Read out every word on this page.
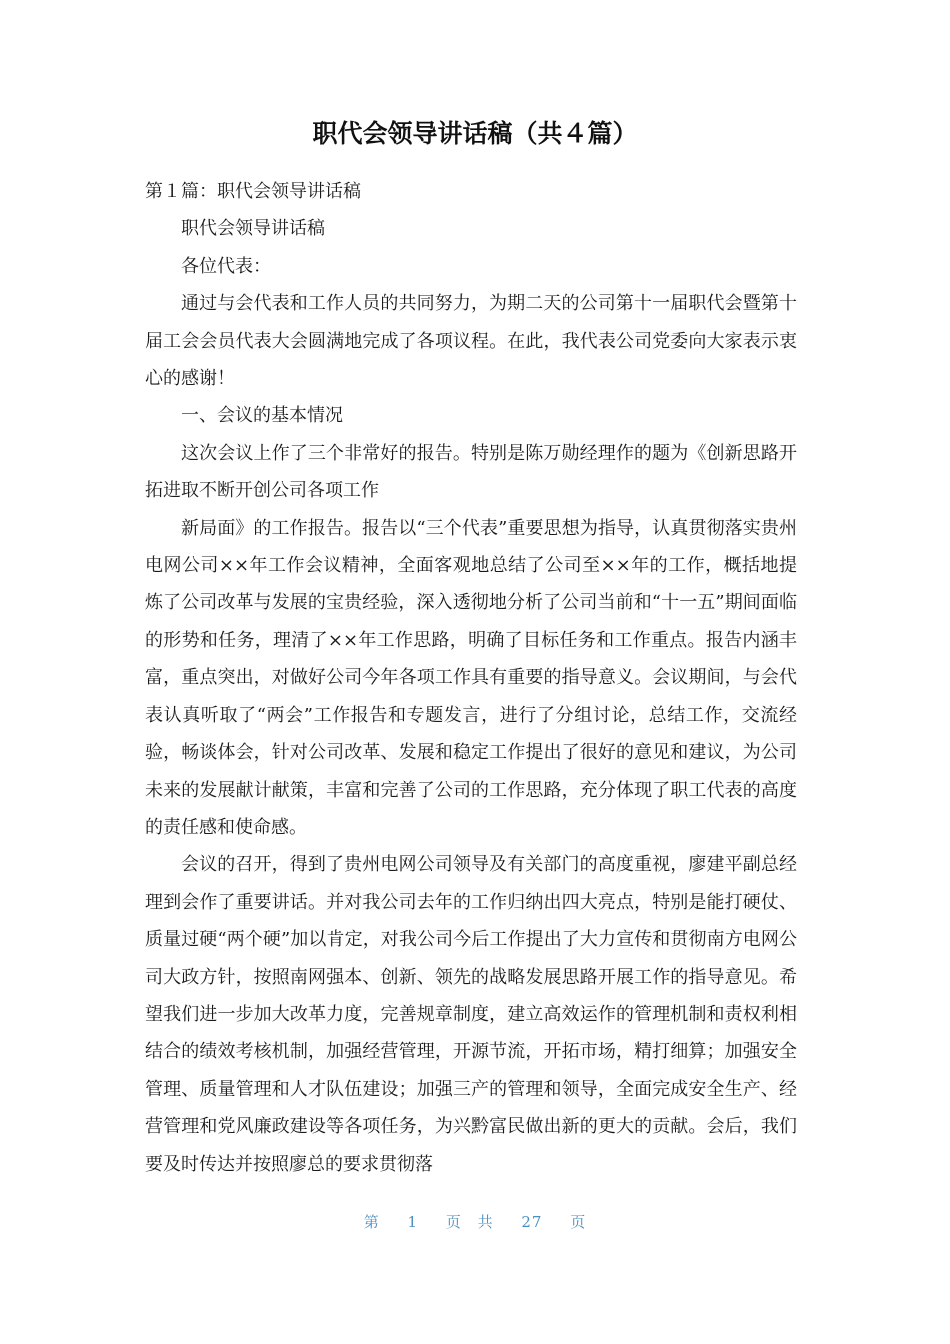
职代会领导讲话稿（共４篇）

第１篇：职代会领导讲话稿

职代会领导讲话稿

各位代表：

通过与会代表和工作人员的共同努力，为期二天的公司第十一届职代会暨第十届工会会员代表大会圆满地完成了各项议程。在此，我代表公司党委向大家表示衷心的感谢！

一、会议的基本情况

这次会议上作了三个非常好的报告。特别是陈万勋经理作的题为《创新思路开拓进取不断开创公司各项工作

新局面》的工作报告。报告以“三个代表”重要思想为指导，认真贯彻落实贵州电网公司××年工作会议精神，全面客观地总结了公司至××年的工作，概括地提炼了公司改革与发展的宝贵经验，深入透彻地分析了公司当前和“十一五”期间面临的形势和任务，理清了××年工作思路，明确了目标任务和工作重点。报告内涵丰富，重点突出，对做好公司今年各项工作具有重要的指导意义。会议期间，与会代表认真听取了“两会”工作报告和专题发言，进行了分组讨论，总结工作，交流经验，畅谈体会，针对公司改革、发展和稳定工作提出了很好的意见和建议，为公司未来的发展献计献策，丰富和完善了公司的工作思路，充分体现了职工代表的高度的责任感和使命感。

会议的召开，得到了贵州电网公司领导及有关部门的高度重视，廖建平副总经理到会作了重要讲话。并对我公司去年的工作归纳出四大亮点，特别是能打硬仗、质量过硬“两个硬”加以肯定，对我公司今后工作提出了大力宣传和贯彻南方电网公司大政方针，按照南网强本、创新、领先的战略发展思路开展工作的指导意见。希望我们进一步加大改革力度，完善规章制度，建立高效运作的管理机制和责权利相结合的绩效考核机制，加强经营管理，开源节流，开拓市场，精打细算；加强安全管理、质量管理和人才队伍建设；加强三产的管理和领导，全面完成安全生产、经营管理和党风廉政建设等各项任务，为兴黔富民做出新的更大的贡献。会后，我们要及时传达并按照廖总的要求贯彻落

第 1 页 共 27 页
